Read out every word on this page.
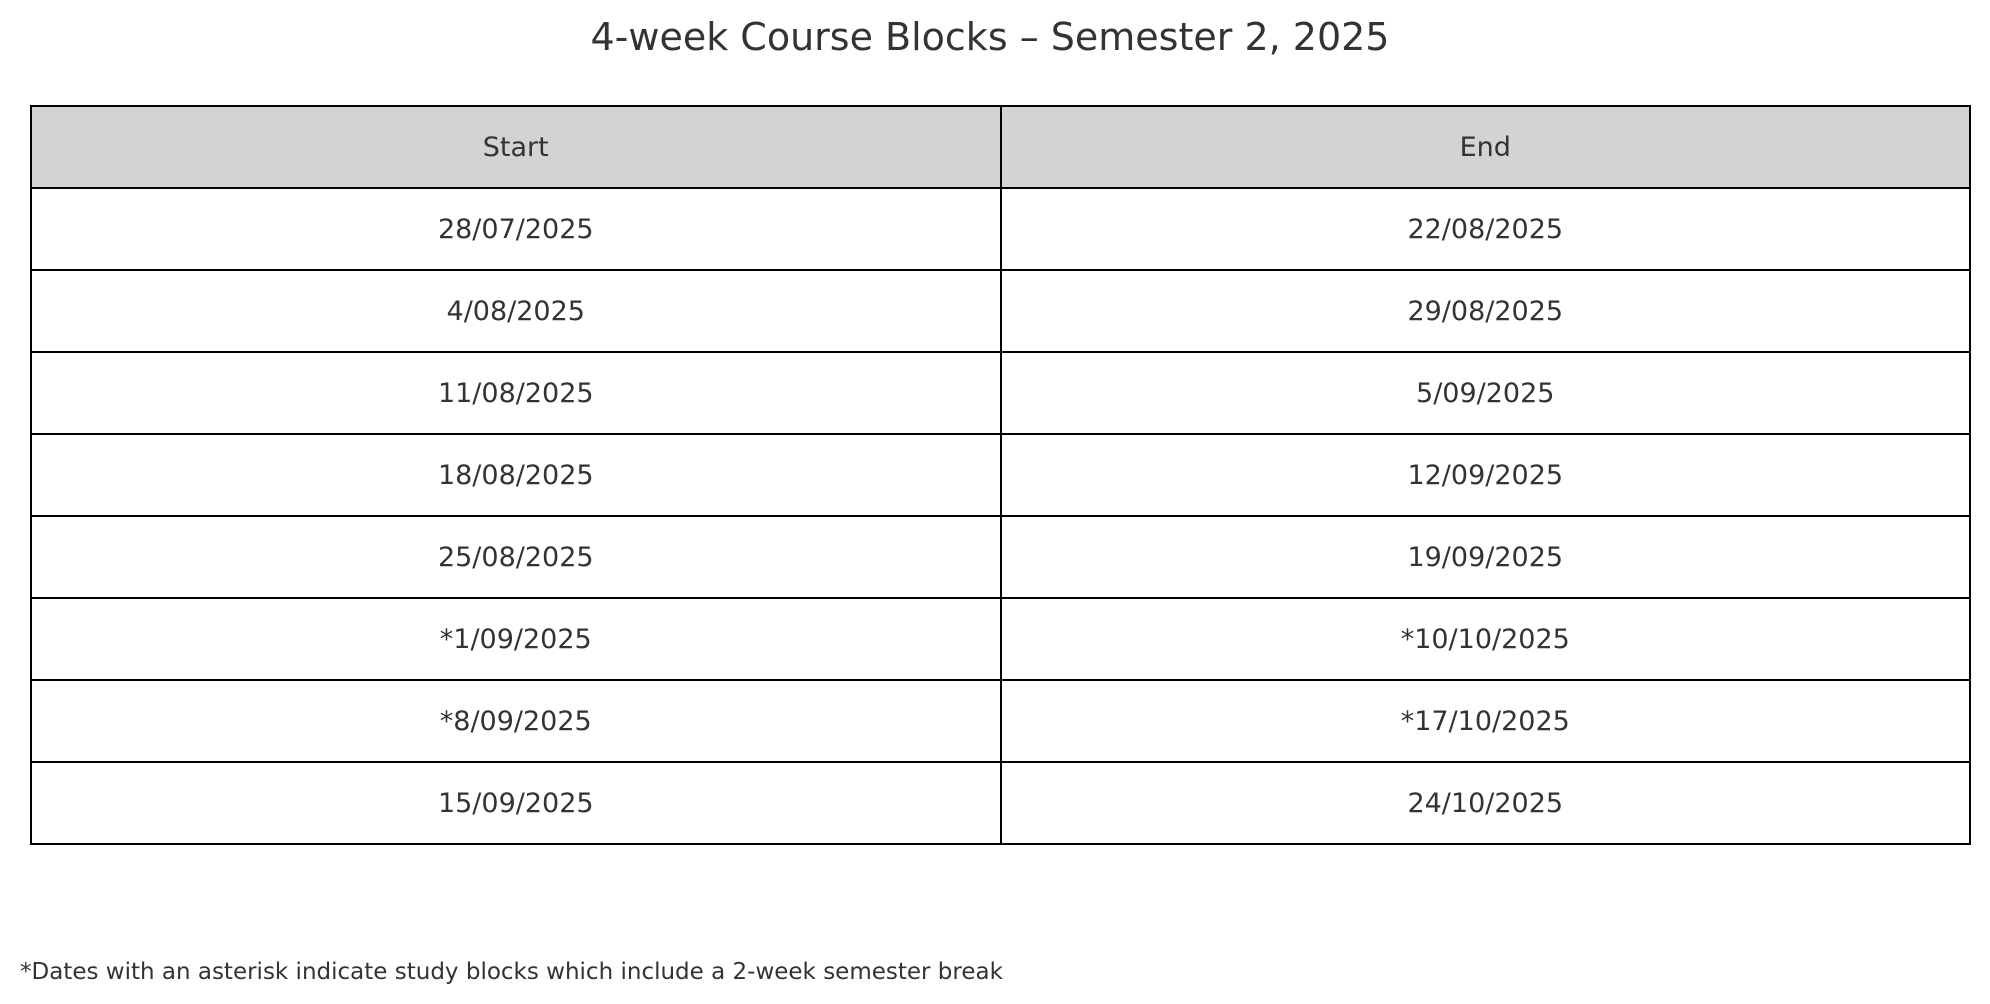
4-week Course Blocks – Semester 2, 2025
Start	End
28/07/2025	22/08/2025
4/08/2025	29/08/2025
11/08/2025	5/09/2025
18/08/2025	12/09/2025
25/08/2025	19/09/2025
*1/09/2025	*10/10/2025
*8/09/2025	*17/10/2025
15/09/2025	24/10/2025
*Dates with an asterisk indicate study blocks which include a 2-week semester break
